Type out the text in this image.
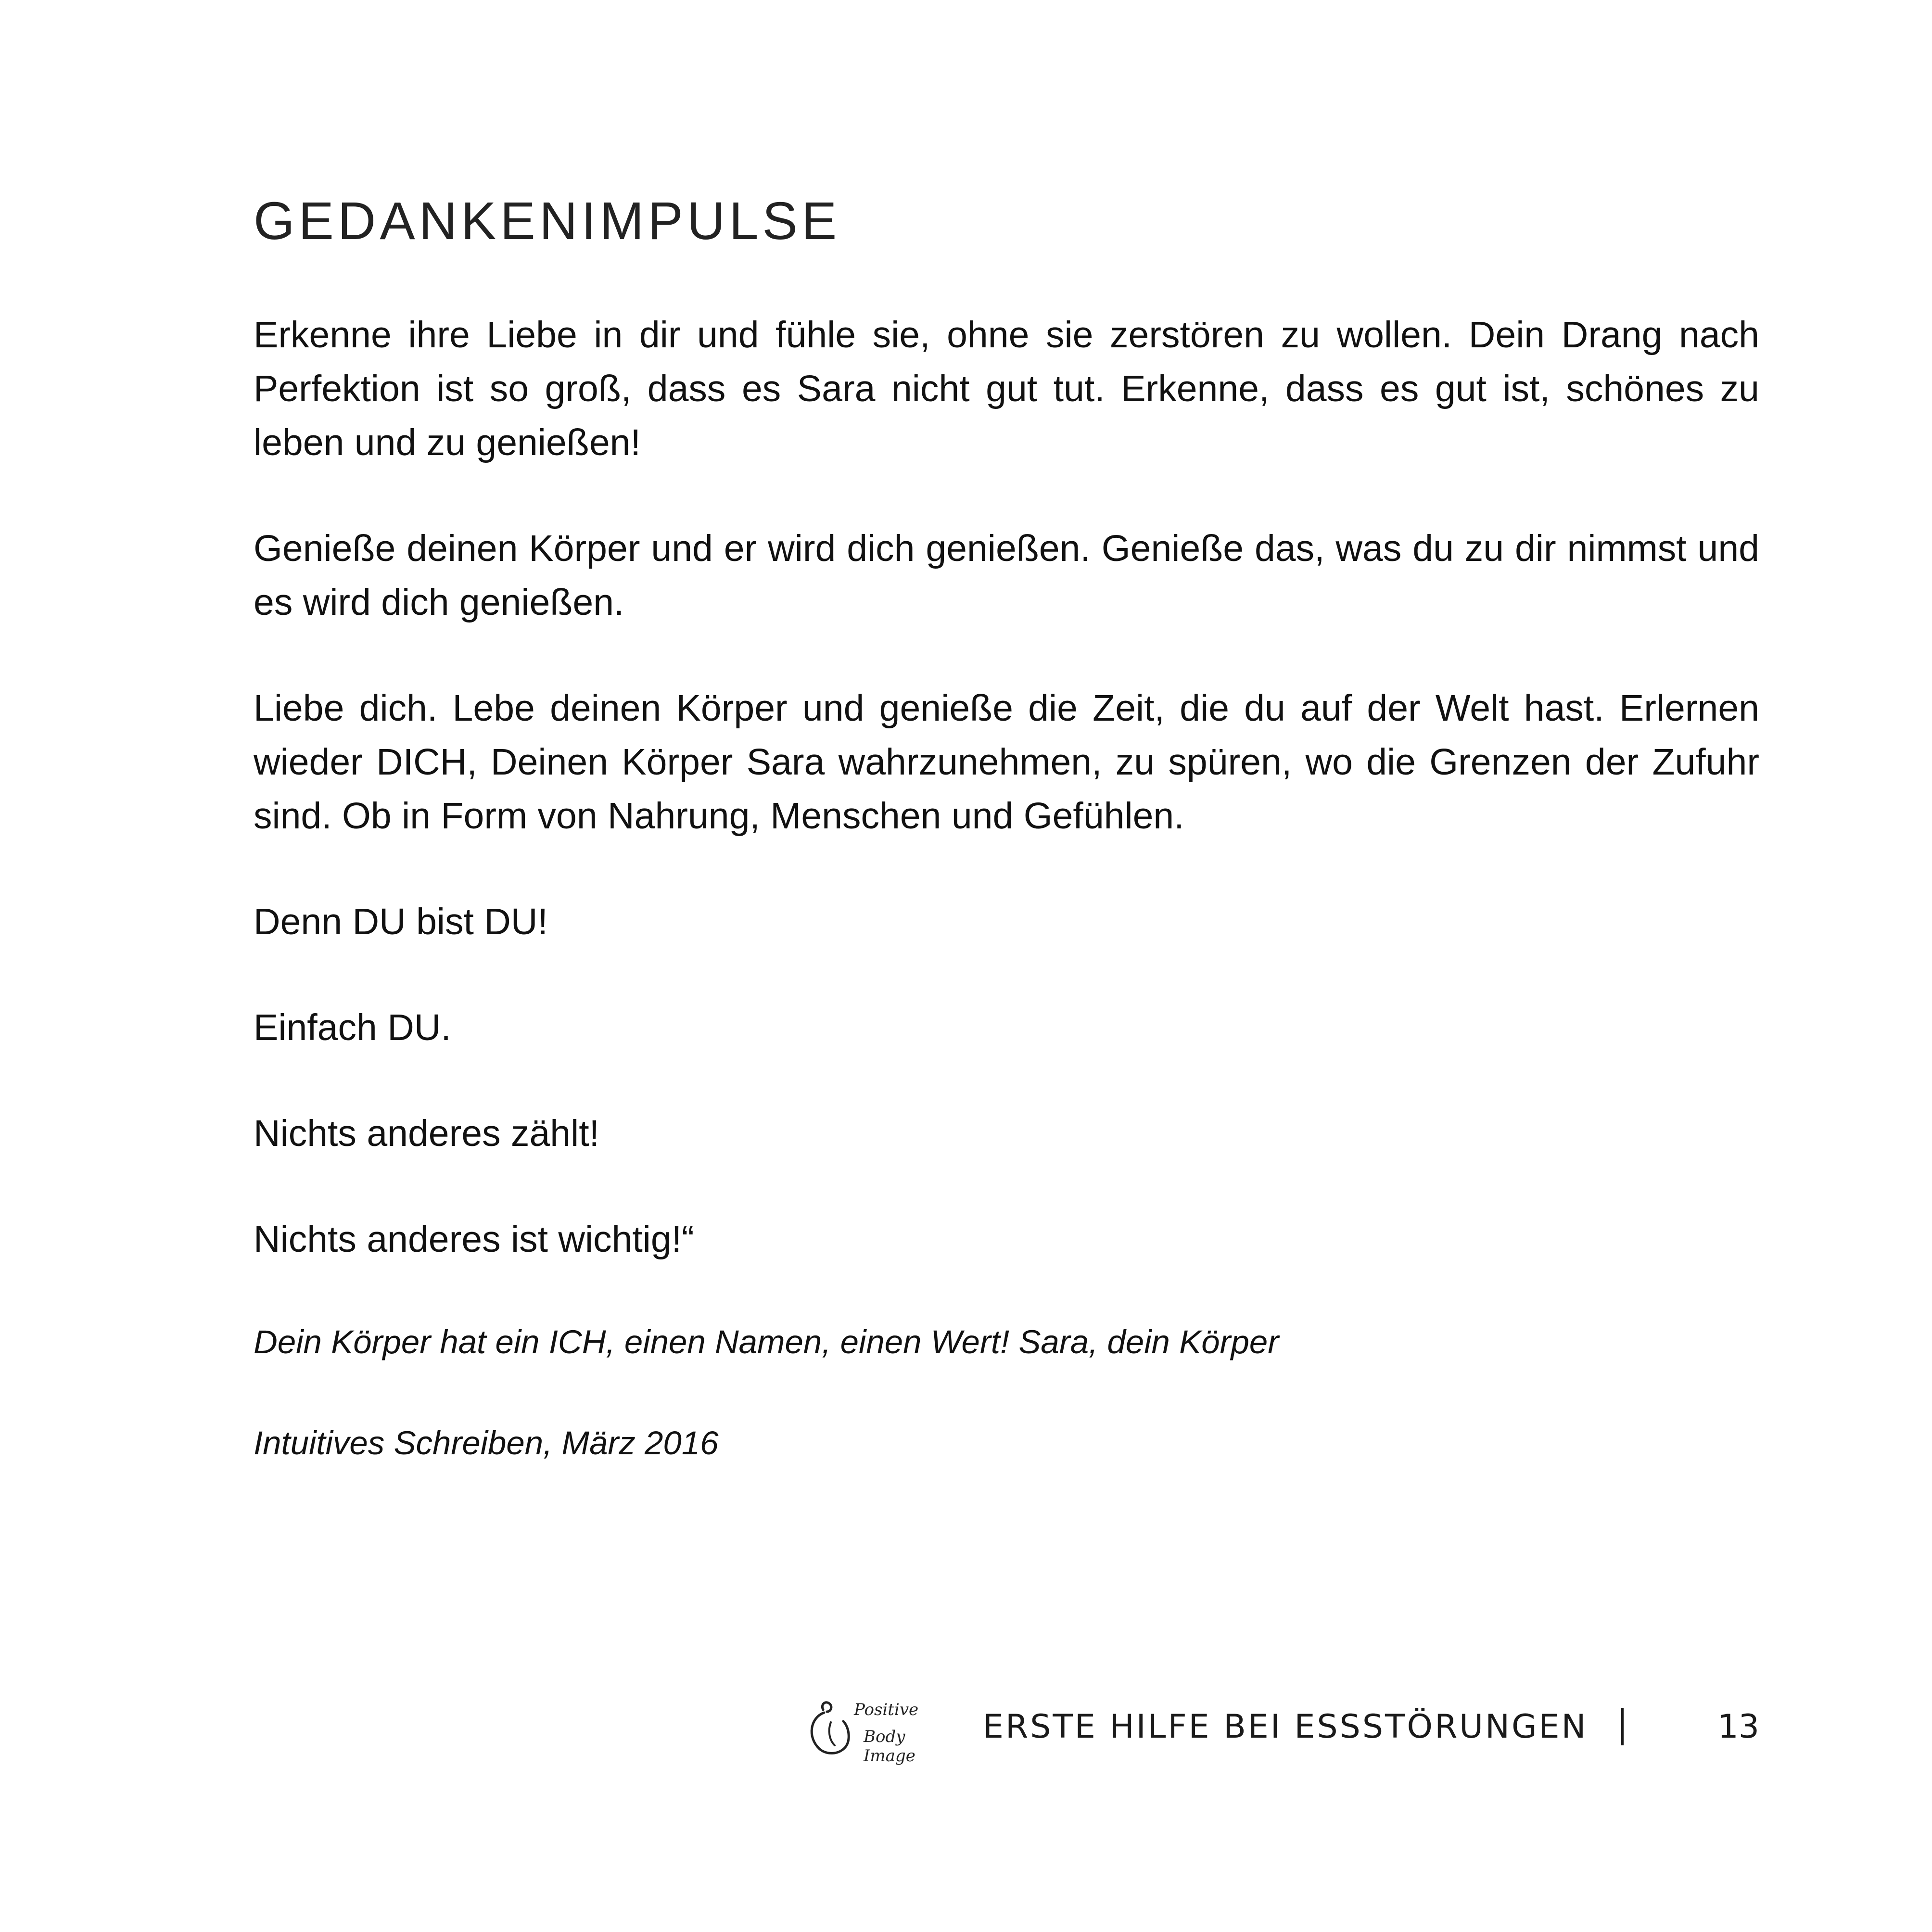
GEDANKENIMPULSE

Erkenne ihre Liebe in dir und fühle sie, ohne sie zerstören zu wollen. Dein Drang nach Perfektion ist so groß, dass es Sara nicht gut tut. Erkenne, dass es gut ist, schönes zu leben und zu genießen!

Genieße deinen Körper und er wird dich genießen. Genieße das, was du zu dir nimmst und es wird dich genießen.

Liebe dich. Lebe deinen Körper und genieße die Zeit, die du auf der Welt hast. Erlernen wieder DICH, Deinen Körper Sara wahrzunehmen, zu spüren, wo die Grenzen der Zufuhr sind. Ob in Form von Nahrung, Menschen und Gefühlen.

Denn DU bist DU!

Einfach DU.

Nichts anderes zählt!

Nichts anderes ist wichtig!“

Dein Körper hat ein ICH, einen Namen, einen Wert! Sara, dein Körper

Intuitives Schreiben, März 2016

Positive
Body Image
ERSTE HILFE BEI ESSSTÖRUNGEN	13
